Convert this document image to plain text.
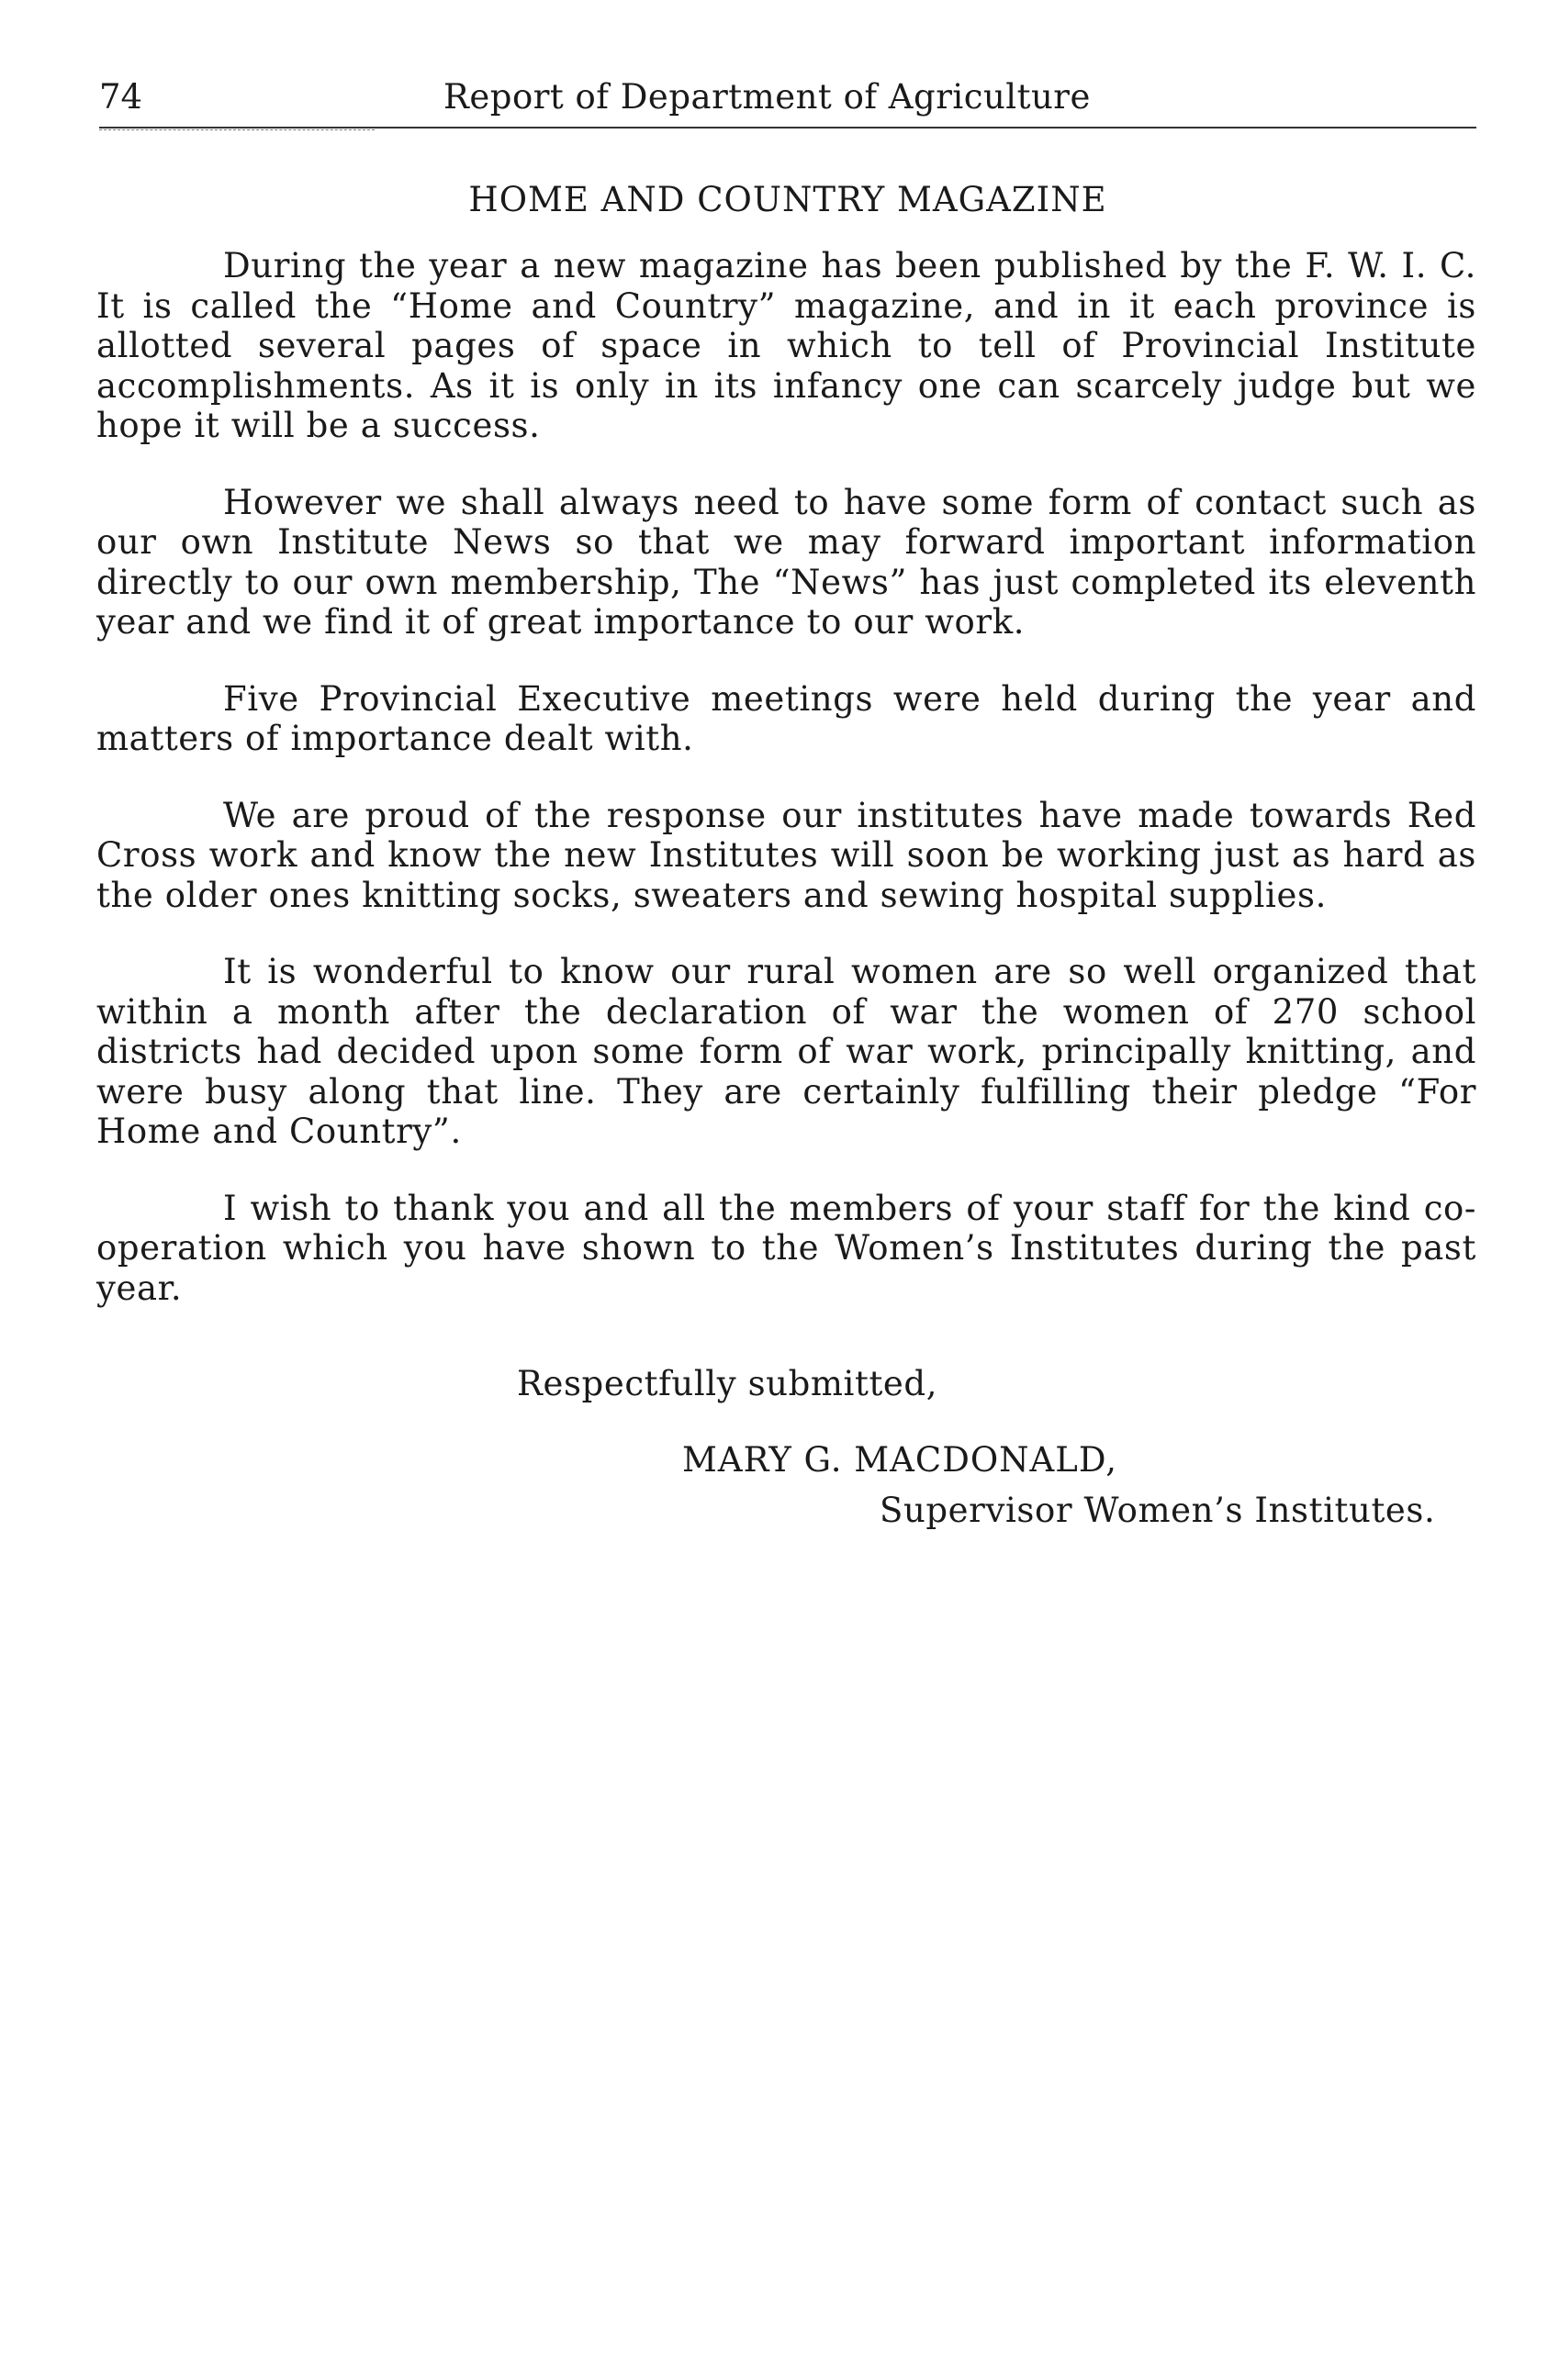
74	Report of Department of Agriculture
HOME AND COUNTRY MAGAZINE

During the year a new magazine has been published by the F. W. I. C. It is called the “Home and Country” magazine, and in it each province is allotted several pages of space in which to tell of Provincial Institute accomplishments. As it is only in its infancy one can scarcely judge but we hope it will be a success.

However we shall always need to have some form of contact such as our own Institute News so that we may forward important information directly to our own membership, The “News” has just completed its eleventh year and we find it of great importance to our work.

Five Provincial Executive meetings were held during the year and matters of importance dealt with.

We are proud of the response our institutes have made towards Red Cross work and know the new Institutes will soon be working just as hard as the older ones knitting socks, sweaters and sewing hospital supplies.

It is wonderful to know our rural women are so well organized that within a month after the declaration of war the women of 270 school districts had decided upon some form of war work, principally knitting, and were busy along that line. They are certainly fulfilling their pledge “For Home and Country”.

I wish to thank you and all the members of your staff for the kind co-operation which you have shown to the Women’s Institutes during the past year.

Respectfully submitted,
MARY G. MACDONALD,
Supervisor Women’s Institutes.
